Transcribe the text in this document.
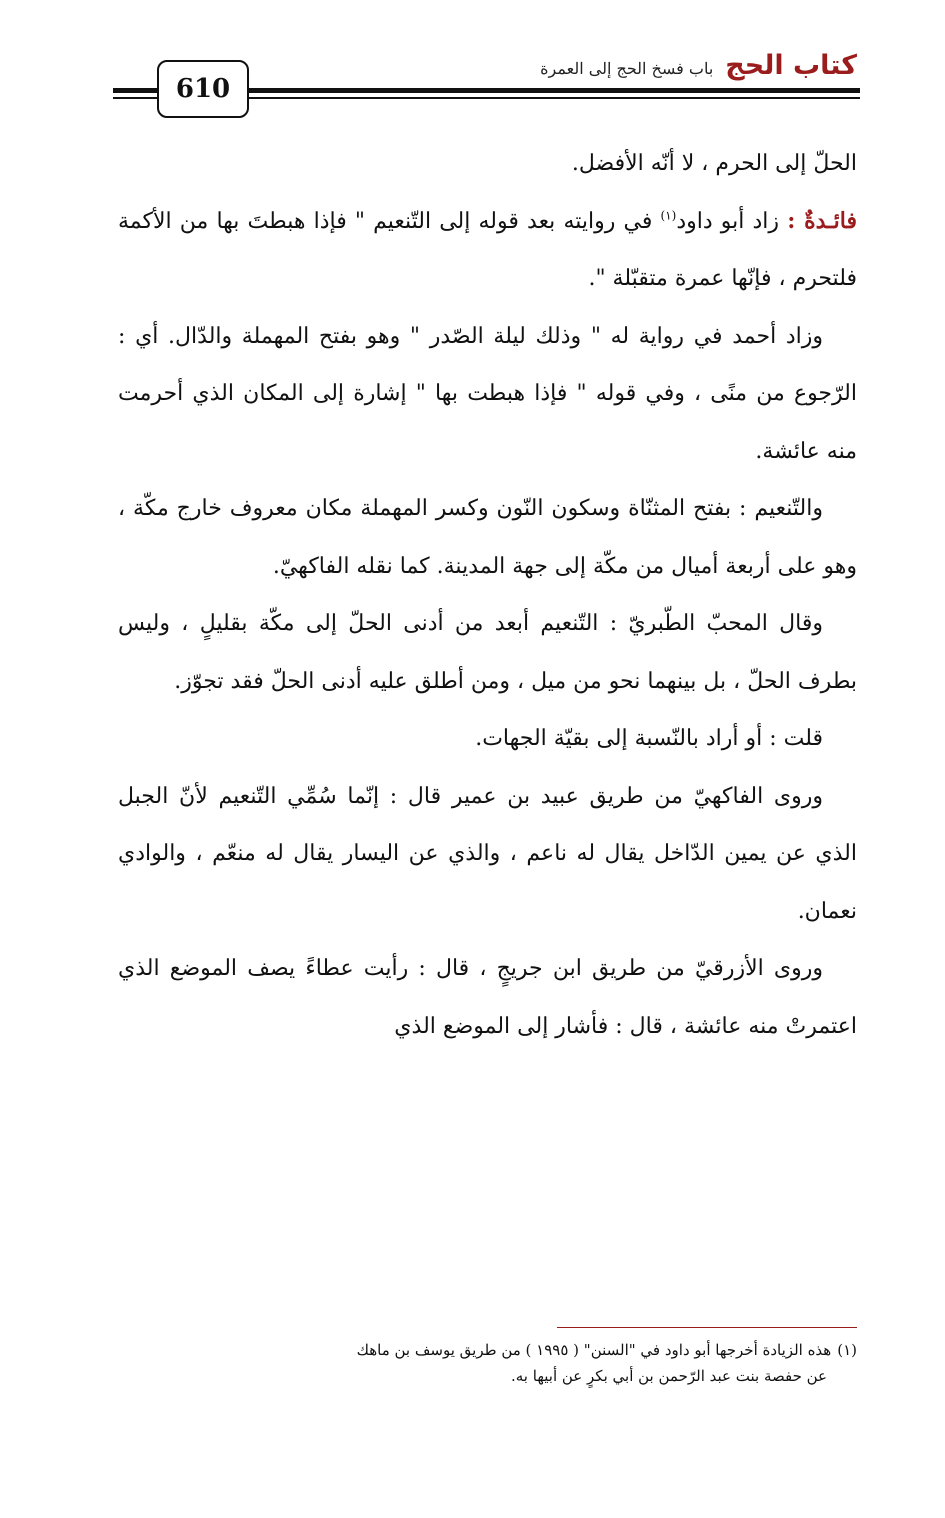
610
كتاب الحج
باب فسخ الحج إلى العمرة

الحلّ إلى الحرم ، لا أنّه الأفضل.

فائـدةٌ : زاد أبو داود$^{(١)}$ في روايته بعد قوله إلى التّنعيم " فإذا هبطتَ بها من الأكمة فلتحرم ، فإنّها عمرة متقبّلة ".

وزاد أحمد في رواية له " وذلك ليلة الصّدر " وهو بفتح المهملة والدّال. أي : الرّجوع من منًى ، وفي قوله " فإذا هبطت بها " إشارة إلى المكان الذي أحرمت منه عائشة.

والتّنعيم : بفتح المثنّاة وسكون النّون وكسر المهملة مكان معروف خارج مكّة ، وهو على أربعة أميال من مكّة إلى جهة المدينة. كما نقله الفاكهيّ.

وقال المحبّ الطّبريّ : التّنعيم أبعد من أدنى الحلّ إلى مكّة بقليلٍ ، وليس بطرف الحلّ ، بل بينهما نحو من ميل ، ومن أطلق عليه أدنى الحلّ فقد تجوّز.

قلت : أو أراد بالنّسبة إلى بقيّة الجهات.

وروى الفاكهيّ من طريق عبيد بن عمير قال : إنّما سُمِّي التّنعيم لأنّ الجبل الذي عن يمين الدّاخل يقال له ناعم ، والذي عن اليسار يقال له منعّم ، والوادي نعمان.

وروى الأزرقيّ من طريق ابن جريجٍ ، قال : رأيت عطاءً يصف الموضع الذي اعتمرتْ منه عائشة ، قال : فأشار إلى الموضع الذي

(١)هذه الزيادة أخرجها أبو داود في "السنن" ( ١٩٩٥ ) من طريق يوسف بن ماهك

عن حفصة بنت عبد الرّحمن بن أبي بكرٍ عن أبيها به.
